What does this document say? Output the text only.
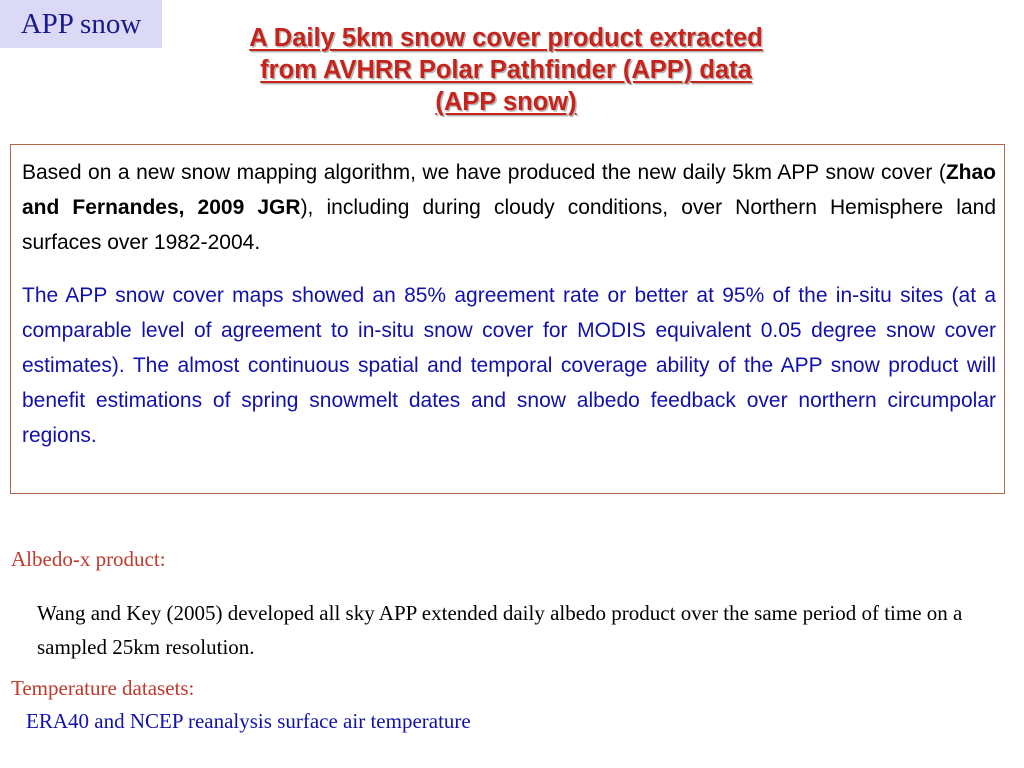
APP snow	A Daily 5km snow cover product extracted
from AVHRR Polar Pathfinder (APP) data
(APP snow)

Based on a new snow mapping algorithm, we have produced the new daily 5km APP snow cover (Zhao and Fernandes, 2009 JGR), including during cloudy conditions, over Northern Hemisphere land surfaces over 1982-2004.

The APP snow cover maps showed an 85% agreement rate or better at 95% of the in-situ sites (at a comparable level of agreement to in-situ snow cover for MODIS equivalent 0.05 degree snow cover estimates). The almost continuous spatial and temporal coverage ability of the APP snow product will benefit estimations of spring snowmelt dates and snow albedo feedback over northern circumpolar regions.

Albedo-x product:
Wang and Key (2005) developed all sky APP extended daily albedo product over the same period of time on a sampled 25km resolution.
Temperature datasets:
ERA40 and NCEP reanalysis surface air temperature
